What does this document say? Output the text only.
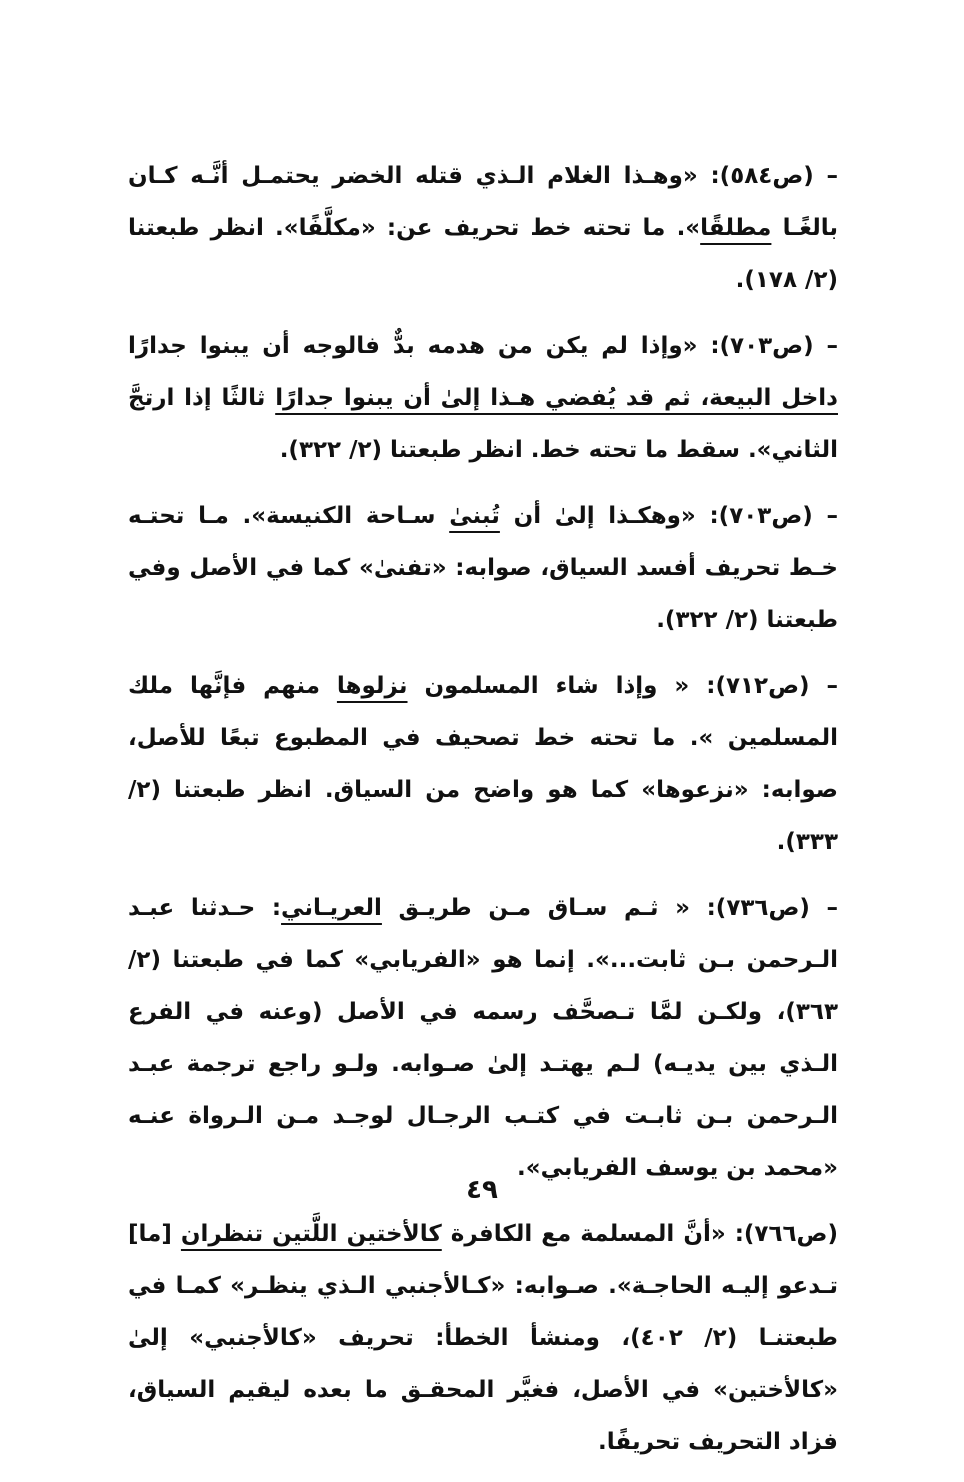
– (ص٥٨٤): «وهـذا الغلام الـذي قتله الخضر يحتمـل أنَّـه كـان بالغًـا مطلقًا». ما تحته خط تحريف عن: «مكلَّفًا». انظر طبعتنا (٢/ ١٧٨).

– (ص٧٠٣): «وإذا لم يكن من هدمه بدٌّ فالوجه أن يبنوا جدارًا داخل البيعة، ثم قد يُفضي هـذا إلىٰ أن يبنوا جدارًا ثالثًا إذا ارتجَّ الثاني». سقط ما تحته خط. انظر طبعتنا (٢/ ٣٢٢).

– (ص٧٠٣): «وهكـذا إلىٰ أن تُبنىٰ سـاحة الكنيسة». مـا تحتـه خـط تحريف أفسد السياق، صوابه: «تفنىٰ» كما في الأصل وفي طبعتنا (٢/ ٣٢٢).

– (ص٧١٢): « وإذا شاء المسلمون نزلوها منهم فإنَّها ملك المسلمين ». ما تحته خط تصحيف في المطبوع تبعًا للأصل، صوابه: «نزعوها» كما هو واضح من السياق. انظر طبعتنا (٢/ ٣٣٣).

– (ص٧٣٦): « ثـم سـاق مـن طريـق العريـاني: حـدثنا عبـد الـرحمن بـن ثابت...». إنما هو «الفريابي» كما في طبعتنا (٢/ ٣٦٣)، ولكـن لمَّا تـصحَّف رسمه في الأصل (وعنه في الفرع الـذي بين يديـه) لـم يهتـد إلىٰ صـوابه. ولـو راجع ترجمة عبـد الـرحمن بـن ثابـت في كتـب الرجـال لوجـد مـن الـرواة عنـه «محمد بن يوسف الفريابي».

(ص٧٦٦): «أنَّ المسلمة مع الكافرة كالأختين اللَّتين تنظران [ما] تـدعو إليـه الحاجـة». صـوابه: «كـالأجنبي الـذي ينظـر» كمـا في طبعتنـا (٢/ ٤٠٢)، ومنشأ الخطأ: تحريف «كالأجنبي» إلىٰ «كالأختين» في الأصل، فغيَّر المحقـق ما بعده ليقيم السياق، فزاد التحريف تحريفًا.

٤٩
